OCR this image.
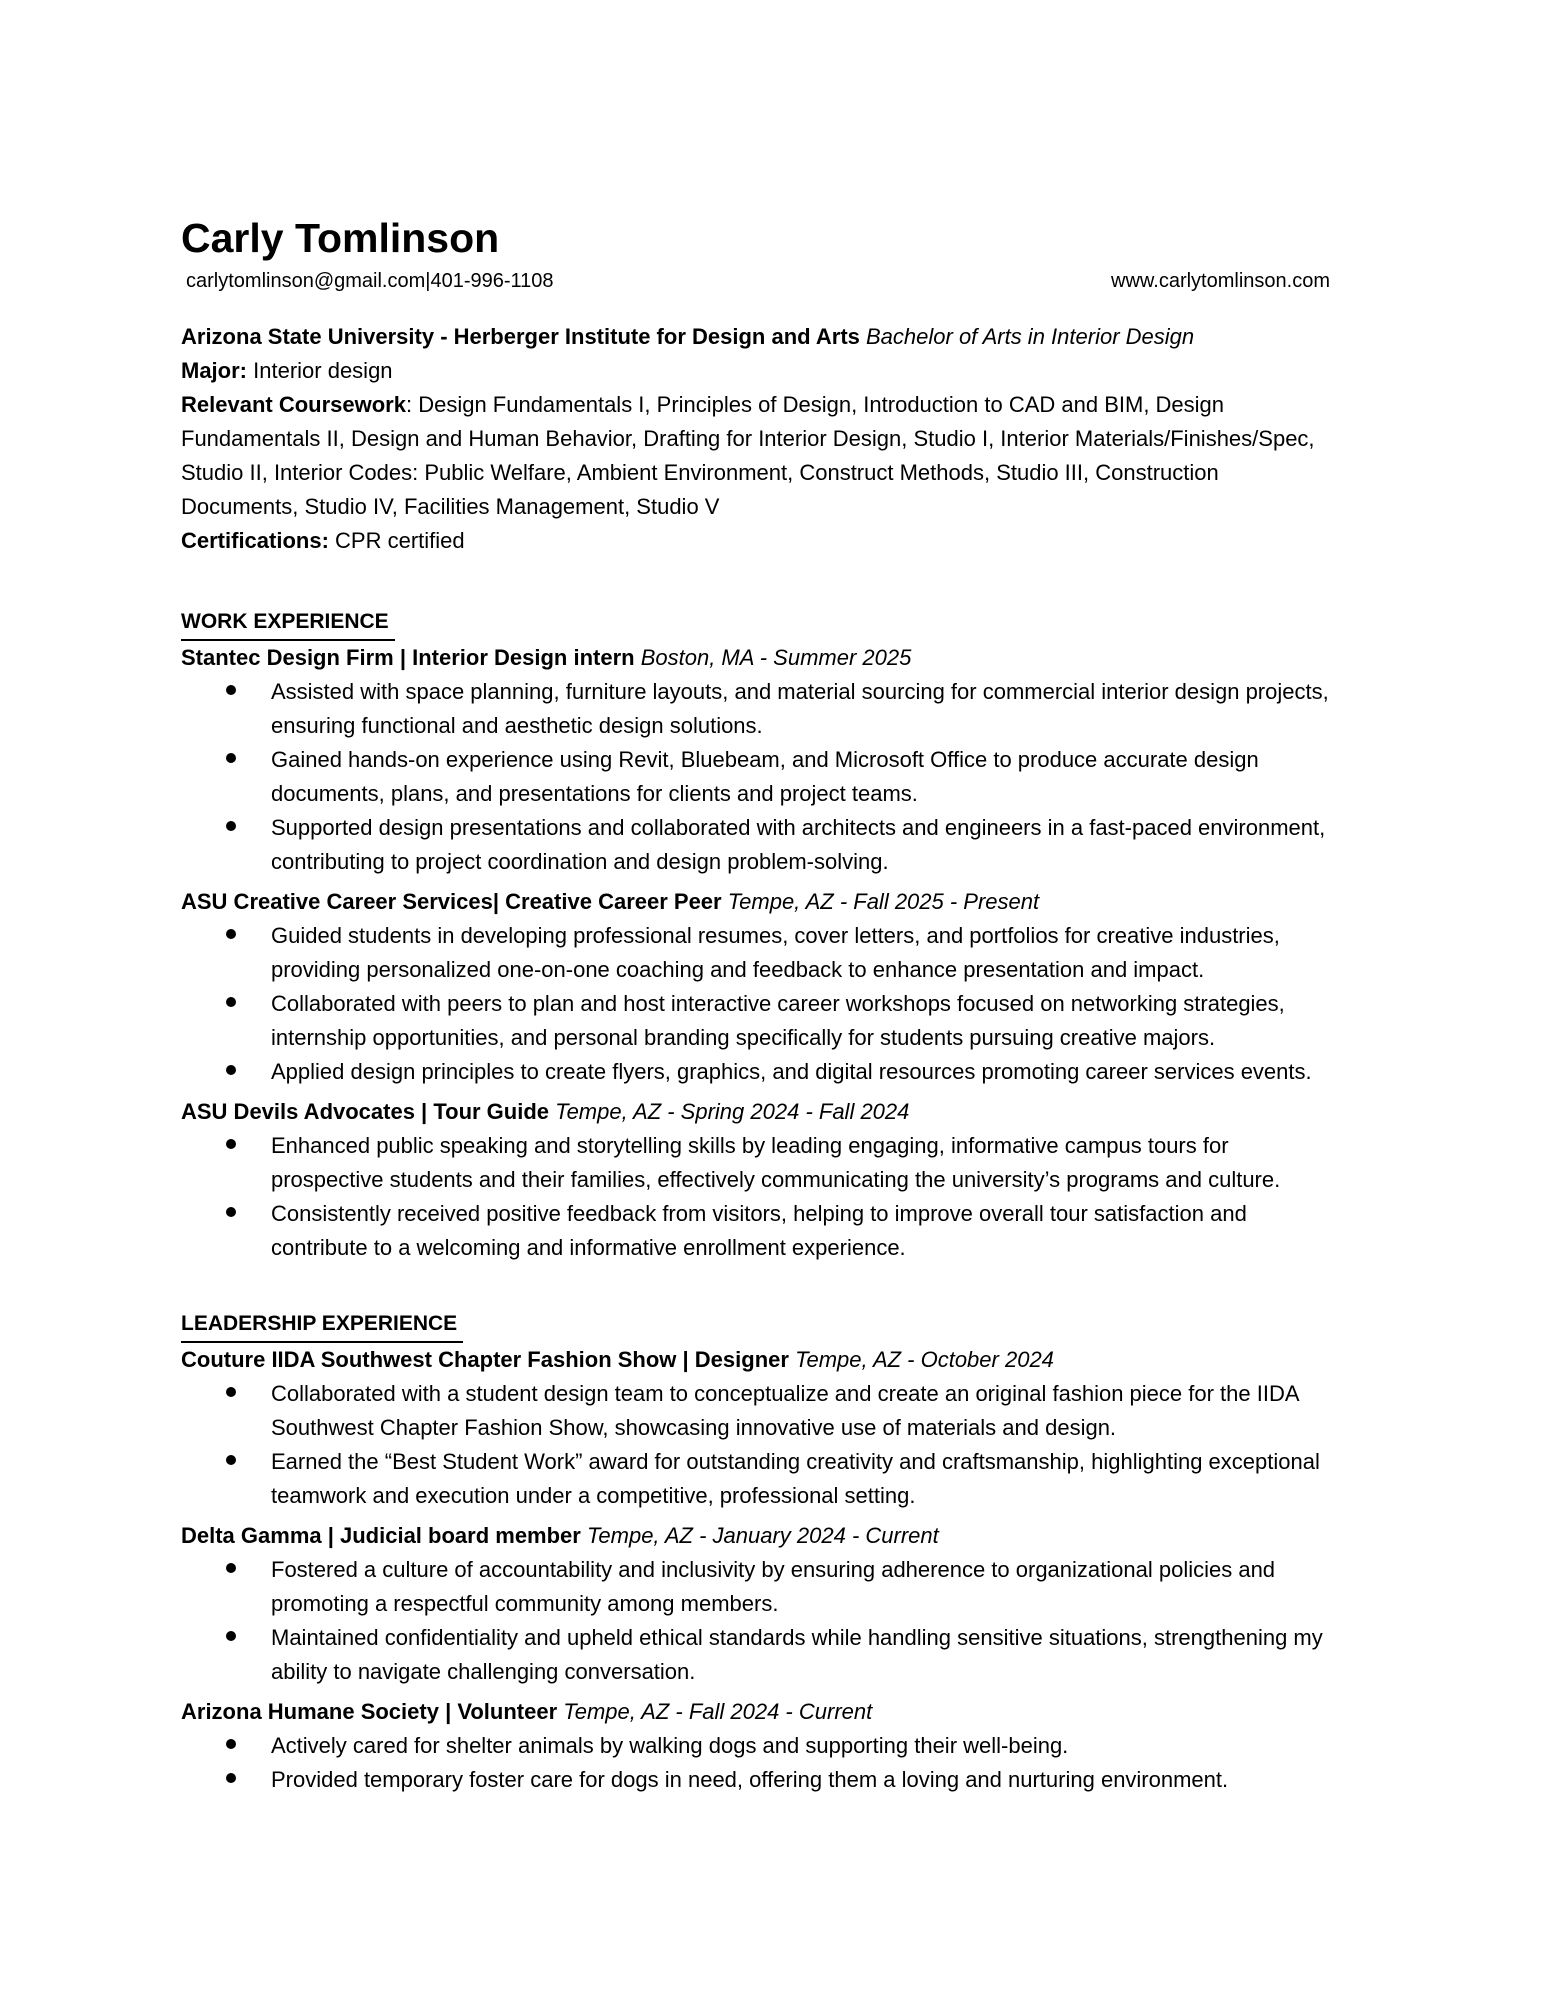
Carly Tomlinson
carlytomlinson@gmail.com|401-996-1108	www.carlytomlinson.com
Arizona State University - Herberger Institute for Design and Arts Bachelor of Arts in Interior Design
Major: Interior design
Relevant Coursework: Design Fundamentals I, Principles of Design, Introduction to CAD and BIM, Design Fundamentals II, Design and Human Behavior, Drafting for Interior Design, Studio I, Interior Materials/Finishes/Spec, Studio II, Interior Codes: Public Welfare, Ambient Environment, Construct Methods, Studio III, Construction Documents, Studio IV, Facilities Management, Studio V
Certifications: CPR certified
WORK EXPERIENCE
Stantec Design Firm | Interior Design intern Boston, MA - Summer 2025
Assisted with space planning, furniture layouts, and material sourcing for commercial interior design projects, ensuring functional and aesthetic design solutions.
Gained hands-on experience using Revit, Bluebeam, and Microsoft Office to produce accurate design documents, plans, and presentations for clients and project teams.
Supported design presentations and collaborated with architects and engineers in a fast-paced environment, contributing to project coordination and design problem-solving.
ASU Creative Career Services| Creative Career Peer Tempe, AZ - Fall 2025 - Present
Guided students in developing professional resumes, cover letters, and portfolios for creative industries, providing personalized one-on-one coaching and feedback to enhance presentation and impact.
Collaborated with peers to plan and host interactive career workshops focused on networking strategies, internship opportunities, and personal branding specifically for students pursuing creative majors.
Applied design principles to create flyers, graphics, and digital resources promoting career services events.
ASU Devils Advocates | Tour Guide Tempe, AZ - Spring 2024 - Fall 2024
Enhanced public speaking and storytelling skills by leading engaging, informative campus tours for prospective students and their families, effectively communicating the university’s programs and culture.
Consistently received positive feedback from visitors, helping to improve overall tour satisfaction and contribute to a welcoming and informative enrollment experience.
LEADERSHIP EXPERIENCE
Couture IIDA Southwest Chapter Fashion Show | Designer Tempe, AZ - October 2024
Collaborated with a student design team to conceptualize and create an original fashion piece for the IIDA Southwest Chapter Fashion Show, showcasing innovative use of materials and design.
Earned the “Best Student Work” award for outstanding creativity and craftsmanship, highlighting exceptional teamwork and execution under a competitive, professional setting.
Delta Gamma | Judicial board member Tempe, AZ - January 2024 - Current
Fostered a culture of accountability and inclusivity by ensuring adherence to organizational policies and promoting a respectful community among members.
Maintained confidentiality and upheld ethical standards while handling sensitive situations, strengthening my ability to navigate challenging conversation.
Arizona Humane Society | Volunteer Tempe, AZ - Fall 2024 - Current
Actively cared for shelter animals by walking dogs and supporting their well-being.
Provided temporary foster care for dogs in need, offering them a loving and nurturing environment.
